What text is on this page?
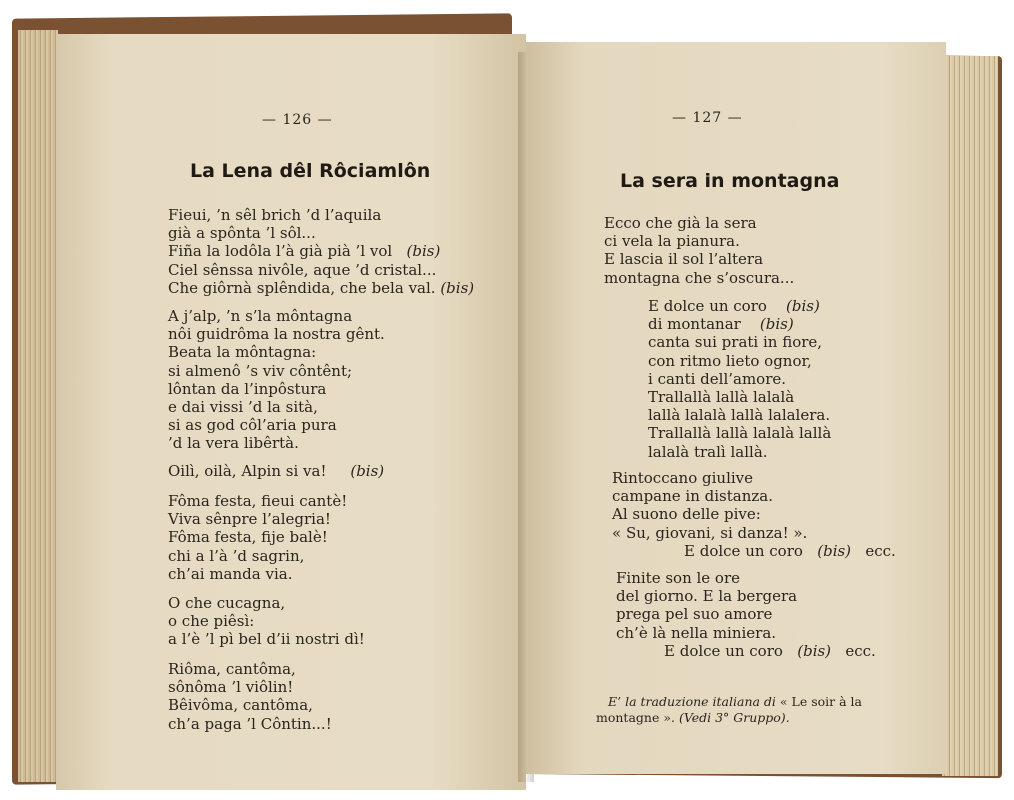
— 126 —
La Lena dêl Rôciamlôn
Fieui, ’n sêl brich ’d l’aquila
già a spônta ’l sôl...
Fiña la lodôla l’à già pià ’l vol (bis)
Ciel sênssa nivôle, aque ’d cristal...
Che giôrnà splêndida, che bela val. (bis)
A j’alp, ’n s’la môntagna
nôi guidrôma la nostra gênt.
Beata la môntagna:
si almenô ’s viv côntênt;
lôntan da l’inpôstura
e dai vissi ’d la sità,
si as god côl’aria pura
’d la vera libêrtà.
Oilì, oilà, Alpin si va! (bis)
Fôma festa, fieui cantè!
Viva sênpre l’alegria!
Fôma festa, fije balè!
chi a l’à ’d sagrin,
ch’ai manda via.
O che cucagna,
o che piêsì:
a l’è ’l pì bel d’ii nostri dì!
Riôma, cantôma,
sônôma ’l viôlin!
Bêivôma, cantôma,
ch’a paga ’l Côntin...!
— 127 —
La sera in montagna
Ecco che già la sera
ci vela la pianura.
E lascia il sol l’altera
montagna che s’oscura...
E dolce un coro (bis)
di montanar (bis)
canta sui prati in fiore,
con ritmo lieto ognor,
i canti dell’amore.
Trallallà lallà lalalà
lallà lalalà lallà lalalera.
Trallallà lallà lalalà lallà
lalalà tralì lallà.
Rintoccano giulive
campane in distanza.
Al suono delle pive:
« Su, giovani, si danza! ».
E dolce un coro (bis) ecc.
Finite son le ore
del giorno. E la bergera
prega pel suo amore
ch’è là nella miniera.
E dolce un coro (bis) ecc.
E’ la traduzione italiana di « Le soir à la
montagne ». (Vedi 3° Gruppo).
